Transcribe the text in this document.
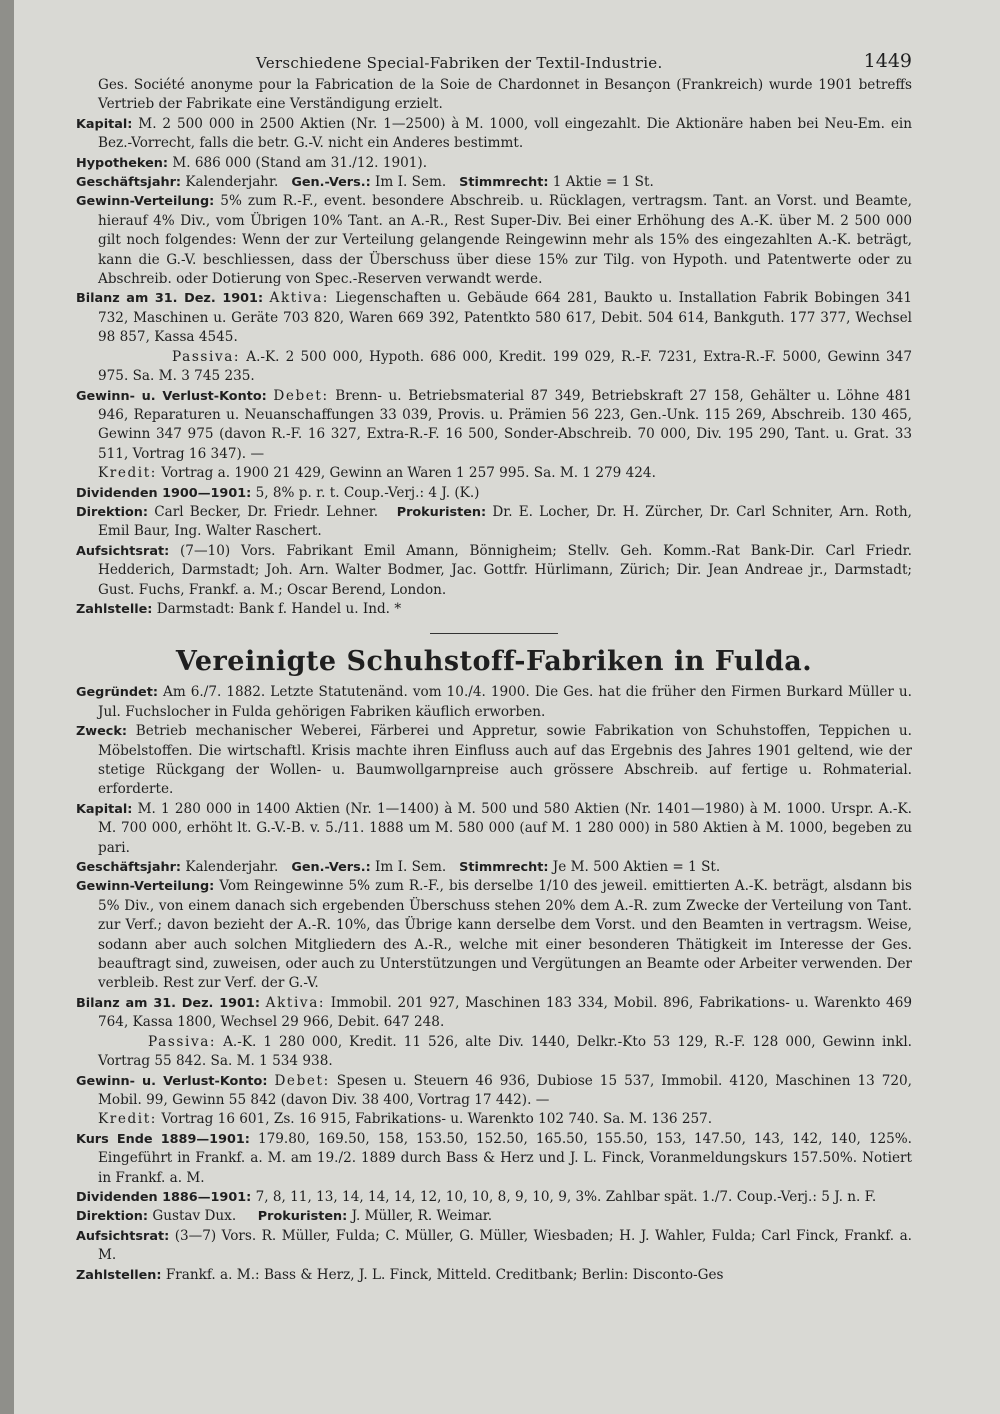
Verschiedene Special-Fabriken der Textil-Industrie.	1449

Ges. Société anonyme pour la Fabrication de la Soie de Chardonnet in Besançon (Frankreich) wurde 1901 betreffs Vertrieb der Fabrikate eine Verständigung erzielt.

Kapital: M. 2 500 000 in 2500 Aktien (Nr. 1—2500) à M. 1000, voll eingezahlt. Die Aktionäre haben bei Neu-Em. ein Bez.-Vorrecht, falls die betr. G.-V. nicht ein Anderes bestimmt.

Hypotheken: M. 686 000 (Stand am 31./12. 1901).

Geschäftsjahr: Kalenderjahr. Gen.-Vers.: Im I. Sem. Stimmrecht: 1 Aktie = 1 St.

Gewinn-Verteilung: 5% zum R.-F., event. besondere Abschreib. u. Rücklagen, vertragsm. Tant. an Vorst. und Beamte, hierauf 4% Div., vom Übrigen 10% Tant. an A.-R., Rest Super-Div. Bei einer Erhöhung des A.-K. über M. 2 500 000 gilt noch folgendes: Wenn der zur Verteilung gelangende Reingewinn mehr als 15% des eingezahlten A.-K. beträgt, kann die G.-V. beschliessen, dass der Überschuss über diese 15% zur Tilg. von Hypoth. und Patentwerte oder zu Abschreib. oder Dotierung von Spec.-Reserven verwandt werde.

Bilanz am 31. Dez. 1901: Aktiva: Liegenschaften u. Gebäude 664 281, Baukto u. Installation Fabrik Bobingen 341 732, Maschinen u. Geräte 703 820, Waren 669 392, Patentkto 580 617, Debit. 504 614, Bankguth. 177 377, Wechsel 98 857, Kassa 4545.
Passiva: A.-K. 2 500 000, Hypoth. 686 000, Kredit. 199 029, R.-F. 7231, Extra-R.-F. 5000, Gewinn 347 975. Sa. M. 3 745 235.

Gewinn- u. Verlust-Konto: Debet: Brenn- u. Betriebsmaterial 87 349, Betriebskraft 27 158, Gehälter u. Löhne 481 946, Reparaturen u. Neuanschaffungen 33 039, Provis. u. Prämien 56 223, Gen.-Unk. 115 269, Abschreib. 130 465, Gewinn 347 975 (davon R.-F. 16 327, Extra-R.-F. 16 500, Sonder-Abschreib. 70 000, Div. 195 290, Tant. u. Grat. 33 511, Vortrag 16 347). —
Kredit: Vortrag a. 1900 21 429, Gewinn an Waren 1 257 995. Sa. M. 1 279 424.

Dividenden 1900—1901: 5, 8% p. r. t. Coup.-Verj.: 4 J. (K.)

Direktion: Carl Becker, Dr. Friedr. Lehner. Prokuristen: Dr. E. Locher, Dr. H. Zürcher, Dr. Carl Schniter, Arn. Roth, Emil Baur, Ing. Walter Raschert.

Aufsichtsrat: (7—10) Vors. Fabrikant Emil Amann, Bönnigheim; Stellv. Geh. Komm.-Rat Bank-Dir. Carl Friedr. Hedderich, Darmstadt; Joh. Arn. Walter Bodmer, Jac. Gottfr. Hürlimann, Zürich; Dir. Jean Andreae jr., Darmstadt; Gust. Fuchs, Frankf. a. M.; Oscar Berend, London.

Zahlstelle: Darmstadt: Bank f. Handel u. Ind. *

Vereinigte Schuhstoff-Fabriken in Fulda.

Gegründet: Am 6./7. 1882. Letzte Statutenänd. vom 10./4. 1900. Die Ges. hat die früher den Firmen Burkard Müller u. Jul. Fuchslocher in Fulda gehörigen Fabriken käuflich erworben.

Zweck: Betrieb mechanischer Weberei, Färberei und Appretur, sowie Fabrikation von Schuhstoffen, Teppichen u. Möbelstoffen. Die wirtschaftl. Krisis machte ihren Einfluss auch auf das Ergebnis des Jahres 1901 geltend, wie der stetige Rückgang der Wollen- u. Baumwollgarnpreise auch grössere Abschreib. auf fertige u. Rohmaterial. erforderte.

Kapital: M. 1 280 000 in 1400 Aktien (Nr. 1—1400) à M. 500 und 580 Aktien (Nr. 1401—1980) à M. 1000. Urspr. A.-K. M. 700 000, erhöht lt. G.-V.-B. v. 5./11. 1888 um M. 580 000 (auf M. 1 280 000) in 580 Aktien à M. 1000, begeben zu pari.

Geschäftsjahr: Kalenderjahr. Gen.-Vers.: Im I. Sem. Stimmrecht: Je M. 500 Aktien = 1 St.

Gewinn-Verteilung: Vom Reingewinne 5% zum R.-F., bis derselbe 1/10 des jeweil. emittierten A.-K. beträgt, alsdann bis 5% Div., von einem danach sich ergebenden Überschuss stehen 20% dem A.-R. zum Zwecke der Verteilung von Tant. zur Verf.; davon bezieht der A.-R. 10%, das Übrige kann derselbe dem Vorst. und den Beamten in vertragsm. Weise, sodann aber auch solchen Mitgliedern des A.-R., welche mit einer besonderen Thätigkeit im Interesse der Ges. beauftragt sind, zuweisen, oder auch zu Unterstützungen und Vergütungen an Beamte oder Arbeiter verwenden. Der verbleib. Rest zur Verf. der G.-V.

Bilanz am 31. Dez. 1901: Aktiva: Immobil. 201 927, Maschinen 183 334, Mobil. 896, Fabrikations- u. Warenkto 469 764, Kassa 1800, Wechsel 29 966, Debit. 647 248.
Passiva: A.-K. 1 280 000, Kredit. 11 526, alte Div. 1440, Delkr.-Kto 53 129, R.-F. 128 000, Gewinn inkl. Vortrag 55 842. Sa. M. 1 534 938.

Gewinn- u. Verlust-Konto: Debet: Spesen u. Steuern 46 936, Dubiose 15 537, Immobil. 4120, Maschinen 13 720, Mobil. 99, Gewinn 55 842 (davon Div. 38 400, Vortrag 17 442). —
Kredit: Vortrag 16 601, Zs. 16 915, Fabrikations- u. Warenkto 102 740. Sa. M. 136 257.

Kurs Ende 1889—1901: 179.80, 169.50, 158, 153.50, 152.50, 165.50, 155.50, 153, 147.50, 143, 142, 140, 125%. Eingeführt in Frankf. a. M. am 19./2. 1889 durch Bass & Herz und J. L. Finck, Voranmeldungskurs 157.50%. Notiert in Frankf. a. M.

Dividenden 1886—1901: 7, 8, 11, 13, 14, 14, 14, 12, 10, 10, 8, 9, 10, 9, 3%. Zahlbar spät. 1./7. Coup.-Verj.: 5 J. n. F.

Direktion: Gustav Dux. Prokuristen: J. Müller, R. Weimar.

Aufsichtsrat: (3—7) Vors. R. Müller, Fulda; C. Müller, G. Müller, Wiesbaden; H. J. Wahler, Fulda; Carl Finck, Frankf. a. M.

Zahlstellen: Frankf. a. M.: Bass & Herz, J. L. Finck, Mitteld. Creditbank; Berlin: Disconto-Ges
